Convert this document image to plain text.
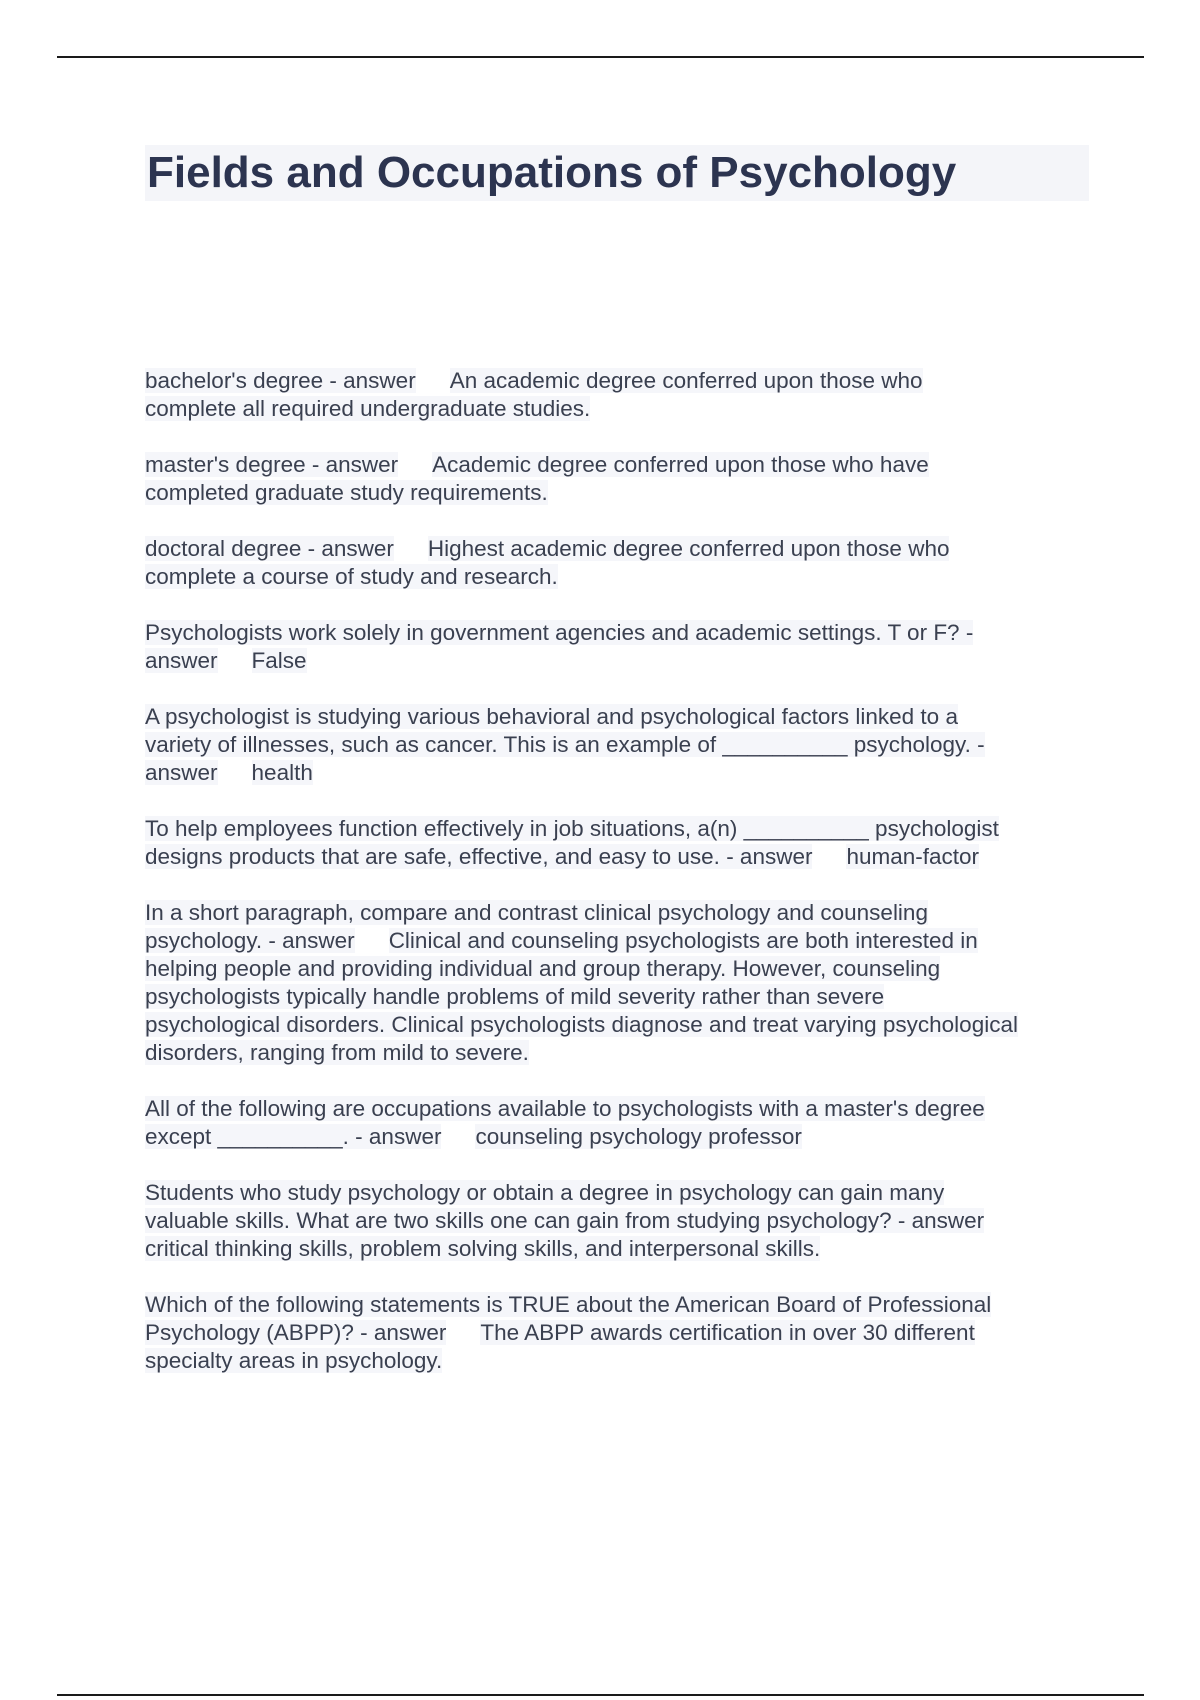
Fields and Occupations of Psychology
bachelor's degree - answer An academic degree conferred upon those who
complete all required undergraduate studies.
master's degree - answer Academic degree conferred upon those who have
completed graduate study requirements.
doctoral degree - answer Highest academic degree conferred upon those who
complete a course of study and research.
Psychologists work solely in government agencies and academic settings. T or F? -
answer False
A psychologist is studying various behavioral and psychological factors linked to a
variety of illnesses, such as cancer. This is an example of __________ psychology. -
answer health
To help employees function effectively in job situations, a(n) __________ psychologist
designs products that are safe, effective, and easy to use. - answer human-factor
In a short paragraph, compare and contrast clinical psychology and counseling
psychology. - answer Clinical and counseling psychologists are both interested in
helping people and providing individual and group therapy. However, counseling
psychologists typically handle problems of mild severity rather than severe
psychological disorders. Clinical psychologists diagnose and treat varying psychological
disorders, ranging from mild to severe.
All of the following are occupations available to psychologists with a master's degree
except __________. - answer counseling psychology professor
Students who study psychology or obtain a degree in psychology can gain many
valuable skills. What are two skills one can gain from studying psychology? - answer
critical thinking skills, problem solving skills, and interpersonal skills.
Which of the following statements is TRUE about the American Board of Professional
Psychology (ABPP)? - answer The ABPP awards certification in over 30 different
specialty areas in psychology.
